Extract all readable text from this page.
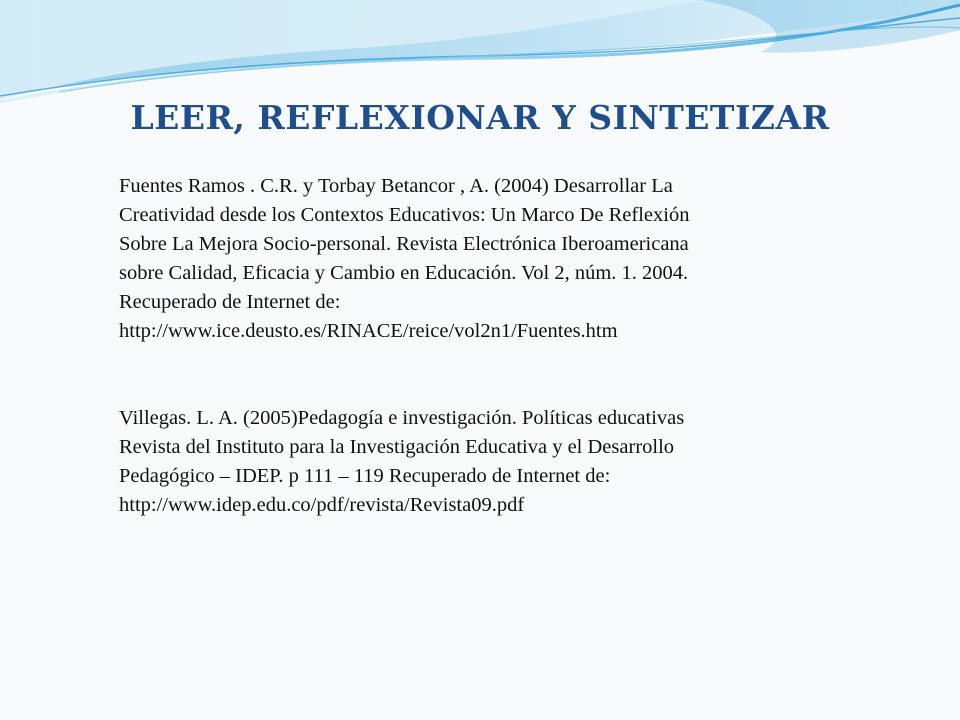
LEER, REFLEXIONAR Y SINTETIZAR

Fuentes Ramos . C.R. y Torbay Betancor , A. (2004) Desarrollar La
Creatividad desde los Contextos Educativos: Un Marco De Reflexión
Sobre La Mejora Socio-personal. Revista Electrónica Iberoamericana
sobre Calidad, Eficacia y Cambio en Educación. Vol 2, núm. 1. 2004.
Recuperado de Internet de:
http://www.ice.deusto.es/RINACE/reice/vol2n1/Fuentes.htm

Villegas. L. A. (2005)Pedagogía e investigación. Políticas educativas
Revista del Instituto para la Investigación Educativa y el Desarrollo
Pedagógico – IDEP. p 111 – 119 Recuperado de Internet de:
http://www.idep.edu.co/pdf/revista/Revista09.pdf
